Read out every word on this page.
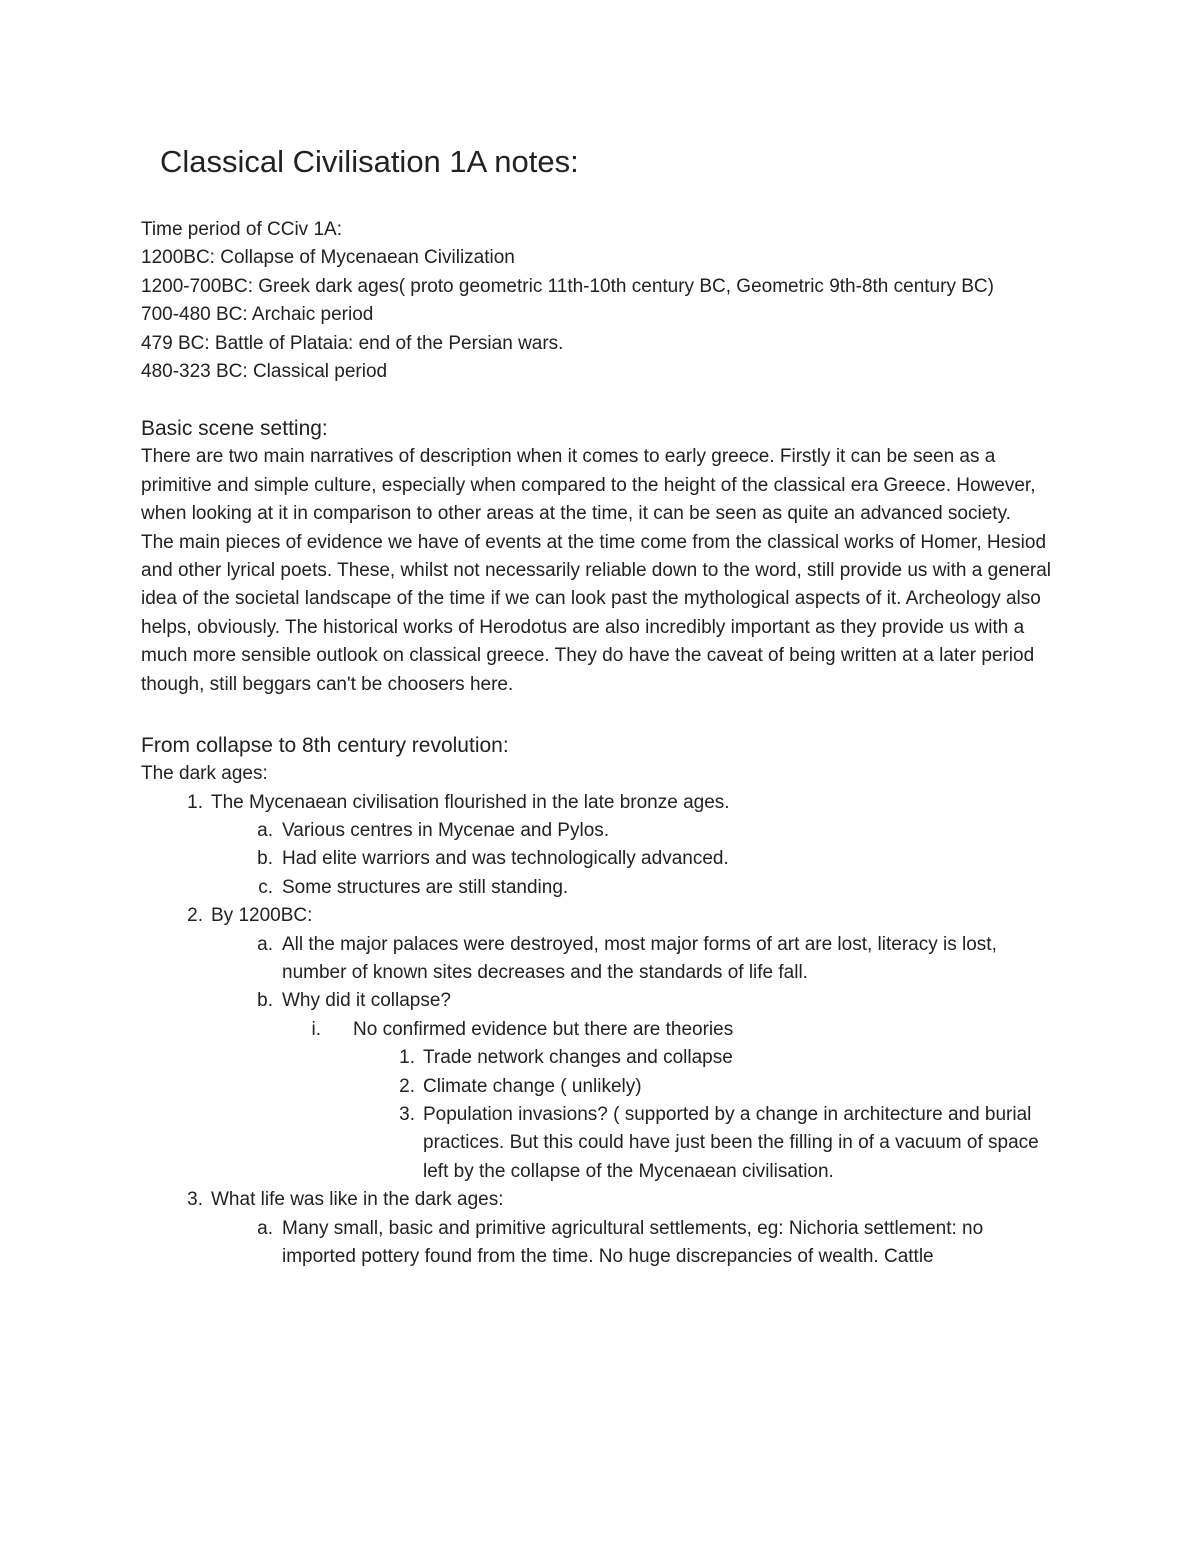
Classical Civilisation 1A notes:

Time period of CCiv 1A:

1200BC: Collapse of Mycenaean Civilization

1200-700BC: Greek dark ages( proto geometric 11th-10th century BC, Geometric 9th-8th century BC)

700-480 BC: Archaic period

479 BC: Battle of Plataia: end of the Persian wars.

480-323 BC: Classical period

Basic scene setting:

There are two main narratives of description when it comes to early greece. Firstly it can be seen as a primitive and simple culture, especially when compared to the height of the classical era Greece. However, when looking at it in comparison to other areas at the time, it can be seen as quite an advanced society.

The main pieces of evidence we have of events at the time come from the classical works of Homer, Hesiod and other lyrical poets. These, whilst not necessarily reliable down to the word, still provide us with a general idea of the societal landscape of the time if we can look past the mythological aspects of it. Archeology also helps, obviously. The historical works of Herodotus are also incredibly important as they provide us with a much more sensible outlook on classical greece. They do have the caveat of being written at a later period though, still beggars can't be choosers here.

From collapse to 8th century revolution:

The dark ages:

1. The Mycenaean civilisation flourished in the late bronze ages.
a. Various centres in Mycenae and Pylos.
b. Had elite warriors and was technologically advanced.
c. Some structures are still standing.
2. By 1200BC:
a. All the major palaces were destroyed, most major forms of art are lost, literacy is lost, number of known sites decreases and the standards of life fall.
b. Why did it collapse?
i. No confirmed evidence but there are theories
1. Trade network changes and collapse
2. Climate change ( unlikely)
3. Population invasions? ( supported by a change in architecture and burial practices. But this could have just been the filling in of a vacuum of space left by the collapse of the Mycenaean civilisation.
3. What life was like in the dark ages:
a. Many small, basic and primitive agricultural settlements, eg: Nichoria settlement: no imported pottery found from the time. No huge discrepancies of wealth. Cattle
